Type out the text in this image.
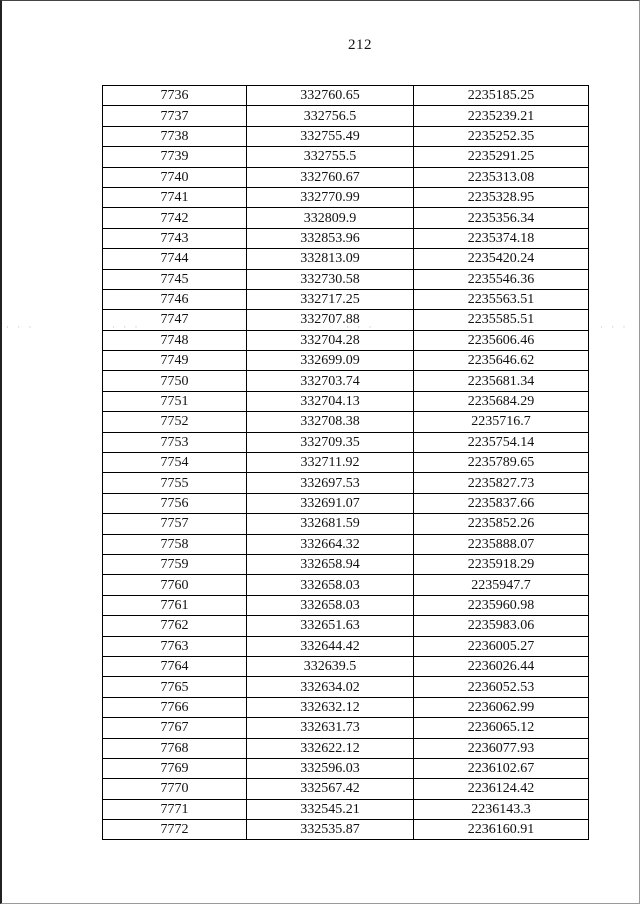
212
· · ·	· · ·	· · ·	· · ·
7736	332760.65	2235185.25
7737	332756.5	2235239.21
7738	332755.49	2235252.35
7739	332755.5	2235291.25
7740	332760.67	2235313.08
7741	332770.99	2235328.95
7742	332809.9	2235356.34
7743	332853.96	2235374.18
7744	332813.09	2235420.24
7745	332730.58	2235546.36
7746	332717.25	2235563.51
7747	332707.88	2235585.51
7748	332704.28	2235606.46
7749	332699.09	2235646.62
7750	332703.74	2235681.34
7751	332704.13	2235684.29
7752	332708.38	2235716.7
7753	332709.35	2235754.14
7754	332711.92	2235789.65
7755	332697.53	2235827.73
7756	332691.07	2235837.66
7757	332681.59	2235852.26
7758	332664.32	2235888.07
7759	332658.94	2235918.29
7760	332658.03	2235947.7
7761	332658.03	2235960.98
7762	332651.63	2235983.06
7763	332644.42	2236005.27
7764	332639.5	2236026.44
7765	332634.02	2236052.53
7766	332632.12	2236062.99
7767	332631.73	2236065.12
7768	332622.12	2236077.93
7769	332596.03	2236102.67
7770	332567.42	2236124.42
7771	332545.21	2236143.3
7772	332535.87	2236160.91
